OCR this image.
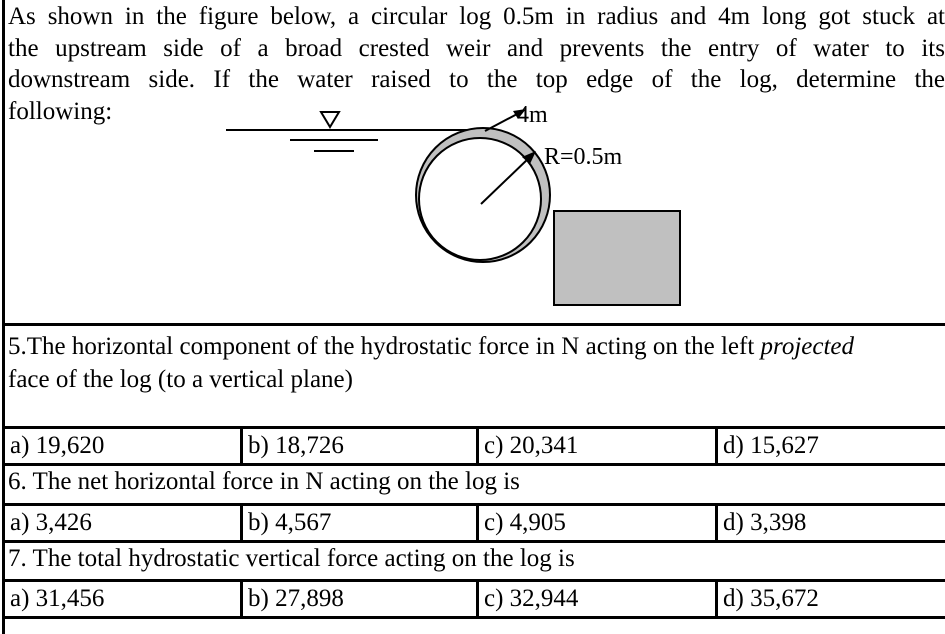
As shown in the figure below, a circular log 0.5m in radius and 4m long got stuck at
the upstream side of a broad crested weir and prevents the entry of water to its
downstream side. If the water raised to the top edge of the log, determine the
following:
R=0.5m
4m
5.The horizontal component of the hydrostatic force in N acting on the left projected
face of the log (to a vertical plane)
a) 19,620	b) 18,726	c) 20,341	d) 15,627
6. The net horizontal force in N acting on the log is
a) 3,426	b) 4,567	c) 4,905	d) 3,398
7. The total hydrostatic vertical force acting on the log is
a) 31,456	b) 27,898	c) 32,944	d) 35,672
